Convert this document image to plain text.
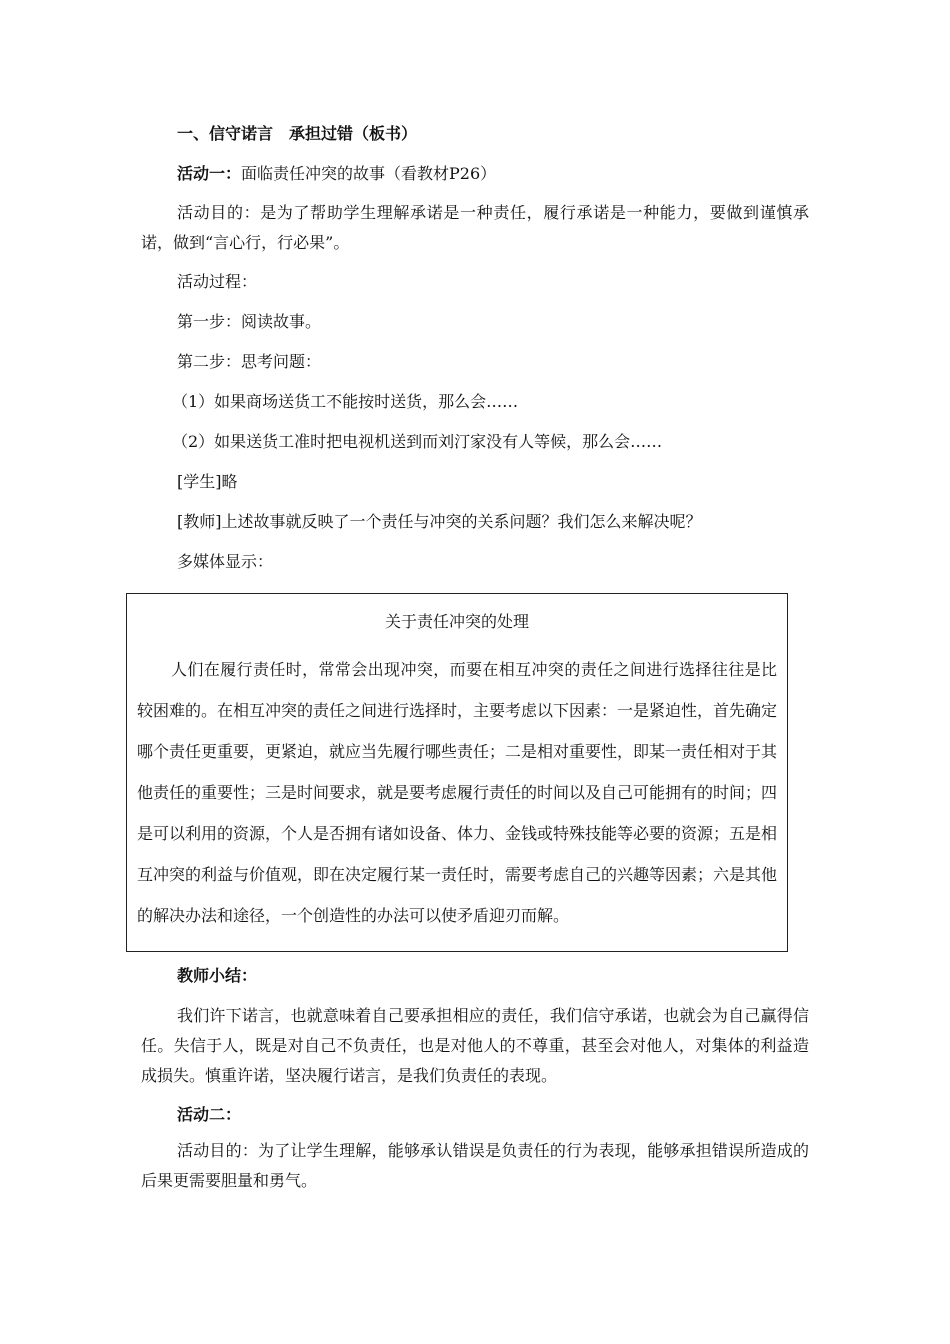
一、信守诺言　承担过错（板书）
活动一：面临责任冲突的故事（看教材P26）
活动目的：是为了帮助学生理解承诺是一种责任，履行承诺是一种能力，要做到谨慎承诺，做到“言心行，行必果”。
活动过程：
第一步：阅读故事。
第二步：思考问题：
（1）如果商场送货工不能按时送货，那么会……
（2）如果送货工准时把电视机送到而刘汀家没有人等候，那么会……
[学生]略
[教师]上述故事就反映了一个责任与冲突的关系问题？我们怎么来解决呢？
多媒体显示：
关于责任冲突的处理
人们在履行责任时，常常会出现冲突，而要在相互冲突的责任之间进行选择往往是比较困难的。在相互冲突的责任之间进行选择时，主要考虑以下因素：一是紧迫性，首先确定哪个责任更重要，更紧迫，就应当先履行哪些责任；二是相对重要性，即某一责任相对于其他责任的重要性；三是时间要求，就是要考虑履行责任的时间以及自己可能拥有的时间；四是可以利用的资源，个人是否拥有诸如设备、体力、金钱或特殊技能等必要的资源；五是相互冲突的利益与价值观，即在决定履行某一责任时，需要考虑自己的兴趣等因素；六是其他的解决办法和途径，一个创造性的办法可以使矛盾迎刃而解。
教师小结：
我们许下诺言，也就意味着自己要承担相应的责任，我们信守承诺，也就会为自己赢得信任。失信于人，既是对自己不负责任，也是对他人的不尊重，甚至会对他人，对集体的利益造成损失。慎重许诺，坚决履行诺言，是我们负责任的表现。
活动二：
活动目的：为了让学生理解，能够承认错误是负责任的行为表现，能够承担错误所造成的后果更需要胆量和勇气。
